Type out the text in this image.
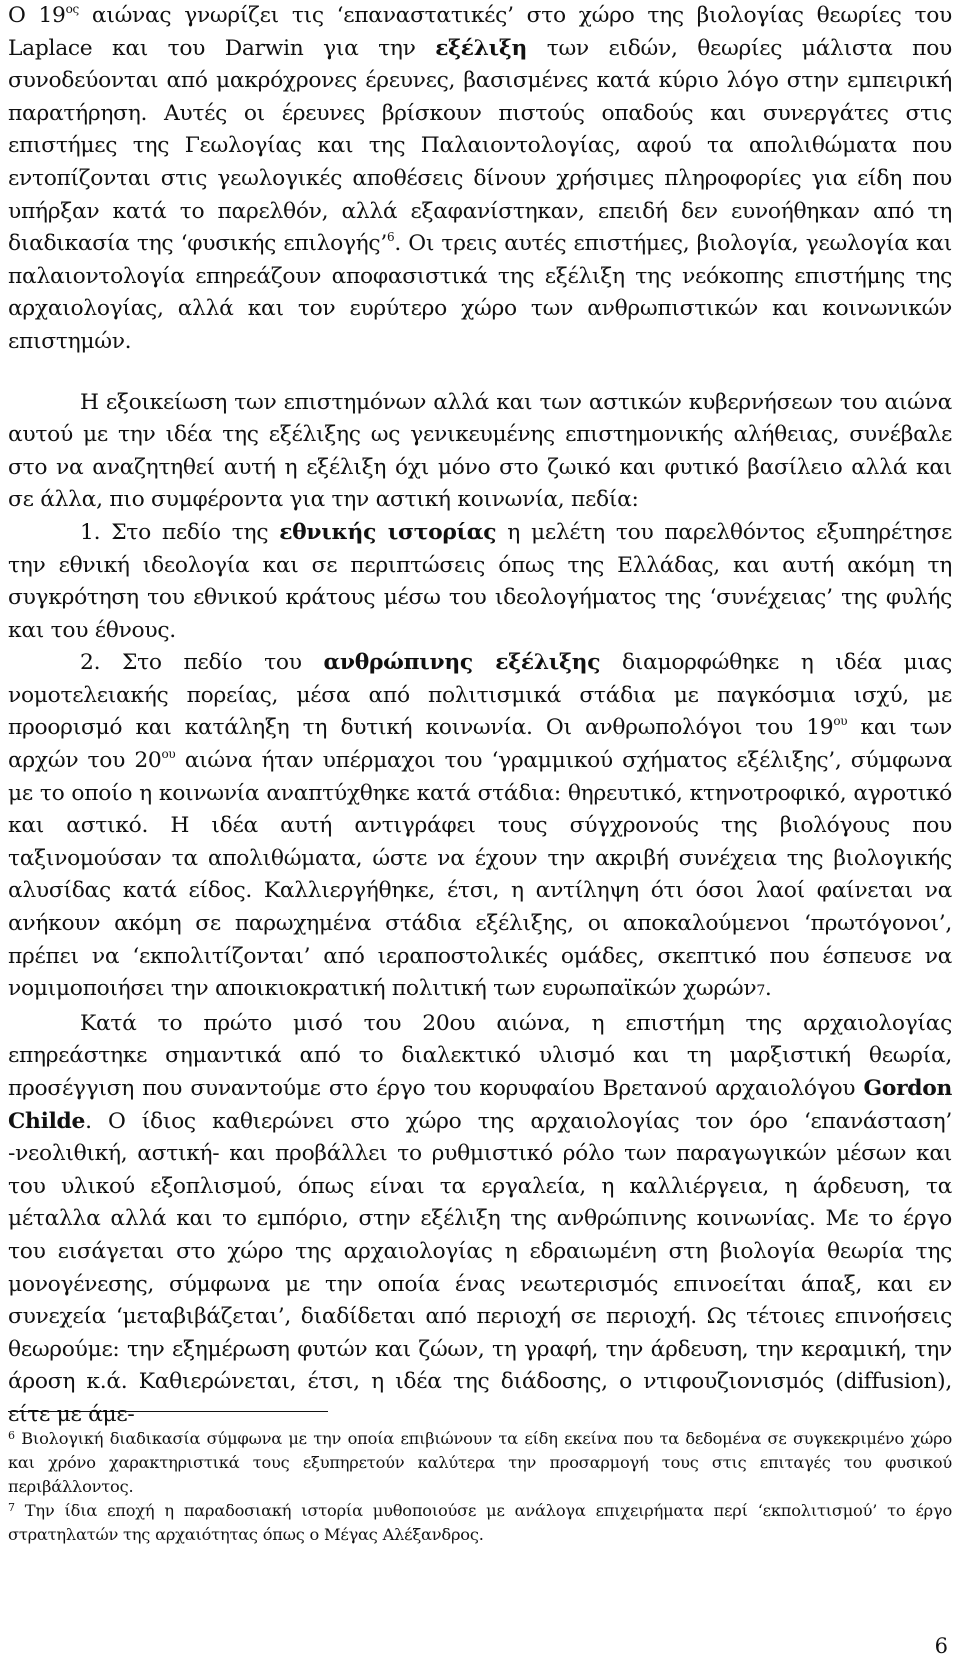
Ο $19^{o\varsigma}$ αιώνας γνωρίζει τις ‘επαναστατικές’ στο χώρο της βιολογίας θεωρίες του Laplace και του Darwin για την εξέλιξη των ειδών, θεωρίες μάλιστα που συνοδεύονται από μακρόχρονες έρευνες, βασισμένες κατά κύριο λόγο στην εμπειρική παρατήρηση. Αυτές οι έρευνες βρίσκουν πιστούς οπαδούς και συνεργάτες στις επιστήμες της Γεωλογίας και της Παλαιοντολογίας, αφού τα απολιθώματα που εντοπίζονται στις γεωλογικές αποθέσεις δίνουν χρήσιμες πληροφορίες για είδη που υπήρξαν κατά το παρελθόν, αλλά εξαφανίστηκαν, επειδή δεν ευνοήθηκαν από τη διαδικασία της ‘φυσικής επιλογής’$^6$. Οι τρεις αυτές επιστήμες, βιολογία, γεωλογία και παλαιοντολογία επηρεάζουν αποφασιστικά της εξέλιξη της νεόκοπης επιστήμης της αρχαιολογίας, αλλά και τον ευρύτερο χώρο των ανθρωπιστικών και κοινωνικών επιστημών.

Η εξοικείωση των επιστημόνων αλλά και των αστικών κυβερνήσεων του αιώνα αυτού με την ιδέα της εξέλιξης ως γενικευμένης επιστημονικής αλήθειας, συνέβαλε στο να αναζητηθεί αυτή η εξέλιξη όχι μόνο στο ζωικό και φυτικό βασίλειο αλλά και σε άλλα, πιο συμφέροντα για την αστική κοινωνία, πεδία:

1. Στο πεδίο της εθνικής ιστορίας η μελέτη του παρελθόντος εξυπηρέτησε την εθνική ιδεολογία και σε περιπτώσεις όπως της Ελλάδας, και αυτή ακόμη τη συγκρότηση του εθνικού κράτους μέσω του ιδεολογήματος της ‘συνέχειας’ της φυλής και του έθνους.

2. Στο πεδίο του ανθρώπινης εξέλιξης διαμορφώθηκε η ιδέα μιας νομοτελειακής πορείας, μέσα από πολιτισμικά στάδια με παγκόσμια ισχύ, με προορισμό και κατάληξη τη δυτική κοινωνία. Οι ανθρωπολόγοι του $19^{o\upsilon}$ και των αρχών του $20^{o\upsilon}$ αιώνα ήταν υπέρμαχοι του ‘γραμμικού σχήματος εξέλιξης’, σύμφωνα με το οποίο η κοινωνία αναπτύχθηκε κατά στάδια: θηρευτικό, κτηνοτροφικό, αγροτικό και αστικό. Η ιδέα αυτή αντιγράφει τους σύγχρονούς της βιολόγους που ταξινομούσαν τα απολιθώματα, ώστε να έχουν την ακριβή συνέχεια της βιολογικής αλυσίδας κατά είδος. Καλλιεργήθηκε, έτσι, η αντίληψη ότι όσοι λαοί φαίνεται να ανήκουν ακόμη σε παρωχημένα στάδια εξέλιξης, οι αποκαλούμενοι ‘πρωτόγονοι’, πρέπει να ‘εκπολιτίζονται’ από ιεραποστολικές ομάδες, σκεπτικό που έσπευσε να νομιμοποιήσει την αποικιοκρατική πολιτική των ευρωπαϊκών χωρών7.

Κατά το πρώτο μισό του 20ου αιώνα, η επιστήμη της αρχαιολογίας επηρεάστηκε σημαντικά από το διαλεκτικό υλισμό και τη μαρξιστική θεωρία, προσέγγιση που συναντούμε στο έργο του κορυφαίου Βρετανού αρχαιολόγου Gordon Childe. Ο ίδιος καθιερώνει στο χώρο της αρχαιολογίας τον όρο ‘επανάσταση’ -νεολιθική, αστική- και προβάλλει το ρυθμιστικό ρόλο των παραγωγικών μέσων και του υλικού εξοπλισμού, όπως είναι τα εργαλεία, η καλλιέργεια, η άρδευση, τα μέταλλα αλλά και το εμπόριο, στην εξέλιξη της ανθρώπινης κοινωνίας. Με το έργο του εισάγεται στο χώρο της αρχαιολογίας η εδραιωμένη στη βιολογία θεωρία της μονογένεσης, σύμφωνα με την οποία ένας νεωτερισμός επινοείται άπαξ, και εν συνεχεία ‘μεταβιβάζεται’, διαδίδεται από περιοχή σε περιοχή. Ως τέτοιες επινοήσεις θεωρούμε: την εξημέρωση φυτών και ζώων, τη γραφή, την άρδευση, την κεραμική, την άροση κ.ά. Καθιερώνεται, έτσι, η ιδέα της διάδοσης, ο ντιφουζιονισμός (diffusion), είτε με άμε-

$^6$ Βιολογική διαδικασία σύμφωνα με την οποία επιβιώνουν τα είδη εκείνα που τα δεδομένα σε συγκεκριμένο χώρο και χρόνο χαρακτηριστικά τους εξυπηρετούν καλύτερα την προσαρμογή τους στις επιταγές του φυσικού περιβάλλοντος.

$^7$ Την ίδια εποχή η παραδοσιακή ιστορία μυθοποιούσε με ανάλογα επιχειρήματα περί ‘εκπολιτισμού’ το έργο στρατηλατών της αρχαιότητας όπως ο Μέγας Αλέξανδρος.

6
